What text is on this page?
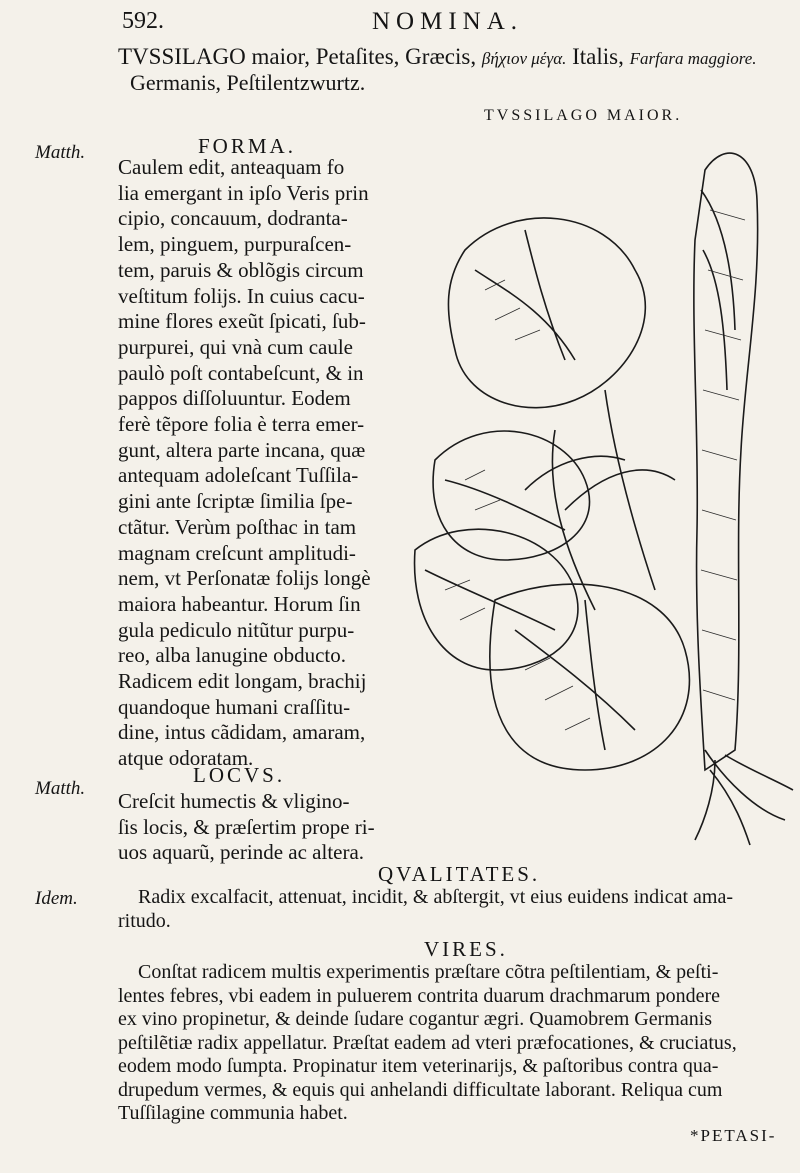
592.	NOMINA.
TVSSILAGO maior, Petaſites, Græcis, βήχιον μέγα. Italis, Farfara maggiore.
Germanis, Peſtilentzwurtz.
TVSSILAGO MAIOR.
FORMA.
Matth.
Caulem edit, anteaquam fo
lia emergant in ipſo Veris prin
cipio, concauum, dodranta-
lem, pinguem, purpuraſcen-
tem, paruis & oblõgis circum
veſtitum folijs. In cuius cacu-
mine flores exeũt ſpicati, ſub-
purpurei, qui vnà cum caule
paulò poſt contabeſcunt, & in
pappos diſſoluuntur. Eodem
ferè tẽpore folia è terra emer-
gunt, altera parte incana, quæ
antequam adoleſcant Tuſſila-
gini ante ſcriptæ ſimilia ſpe-
ctãtur. Verùm poſthac in tam
magnam creſcunt amplitudi-
nem, vt Perſonatæ folijs longè
maiora habeantur. Horum ſin
gula pediculo nitũtur purpu-
reo, alba lanugine obducto.
Radicem edit longam, brachij
quandoque humani craſſitu-
dine, intus cãdidam, amaram,
atque odoratam.
LOCVS.
Matth.
Creſcit humectis & vligino-
ſis locis, & præſertim prope ri-
uos aquarũ, perinde ac altera.
QVALITATES.
Idem.	Radix excalfacit, attenuat, incidit, & abſtergit, vt eius euidens indicat ama-
ritudo.
VIRES.
Conſtat radicem multis experimentis præſtare cõtra peſtilentiam, & peſti-
lentes febres, vbi eadem in puluerem contrita duarum drachmarum pondere
ex vino propinetur, & deinde ſudare cogantur ægri. Quamobrem Germanis
peſtilẽtiæ radix appellatur. Præſtat eadem ad vteri præfocationes, & cruciatus,
eodem modo ſumpta. Propinatur item veterinarijs, & paſtoribus contra qua-
drupedum vermes, & equis qui anhelandi difficultate laborant. Reliqua cum
Tuſſilagine communia habet.
*PETASI-
